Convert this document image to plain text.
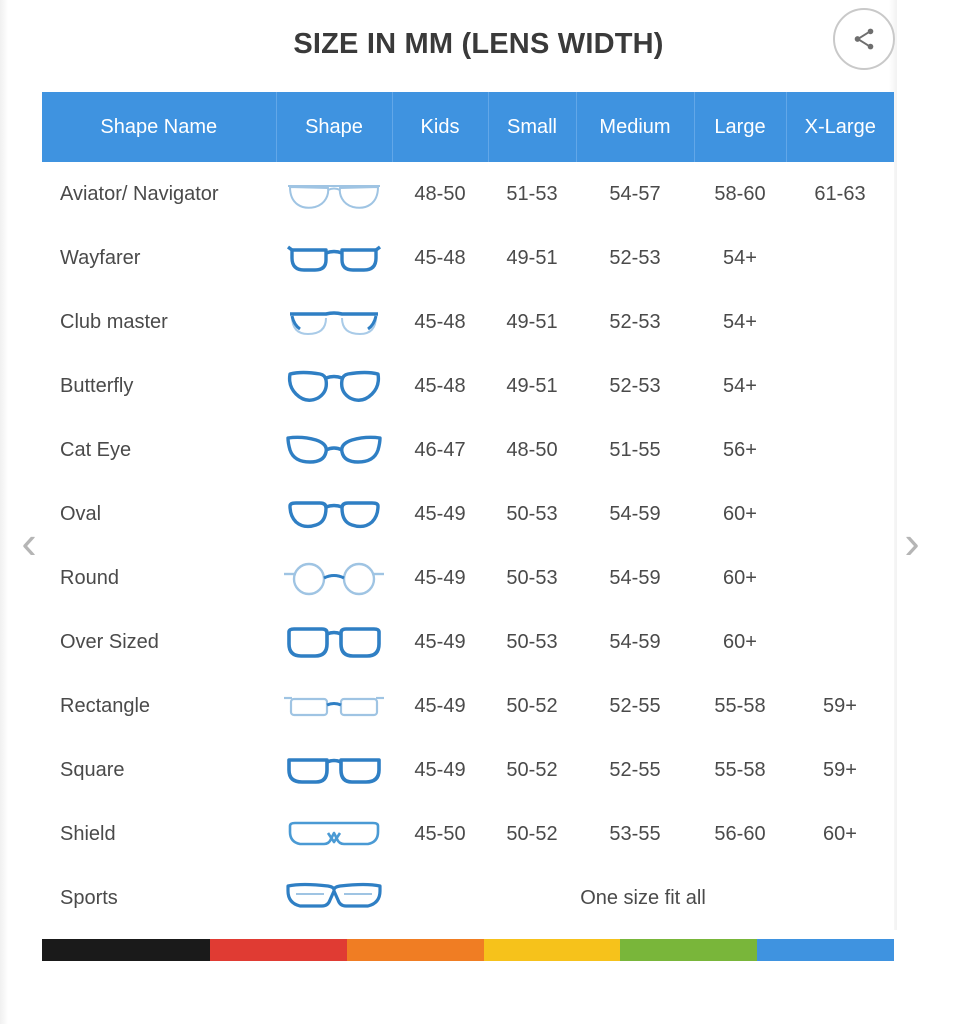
SIZE IN MM (LENS WIDTH)
‹	›
Shape Name	Shape	Kids	Small	Medium	Large	X-Large
Aviator/ Navigator		48-50	51-53	54-57	58-60	61-63
Wayfarer		45-48	49-51	52-53	54+	
Club master		45-48	49-51	52-53	54+	
Butterfly		45-48	49-51	52-53	54+	
Cat Eye		46-47	48-50	51-55	56+	
Oval		45-49	50-53	54-59	60+	
Round		45-49	50-53	54-59	60+	
Over Sized		45-49	50-53	54-59	60+	
Rectangle		45-49	50-52	52-55	55-58	59+
Square		45-49	50-52	52-55	55-58	59+
Shield		45-50	50-52	53-55	56-60	60+
Sports		One size fit all				
